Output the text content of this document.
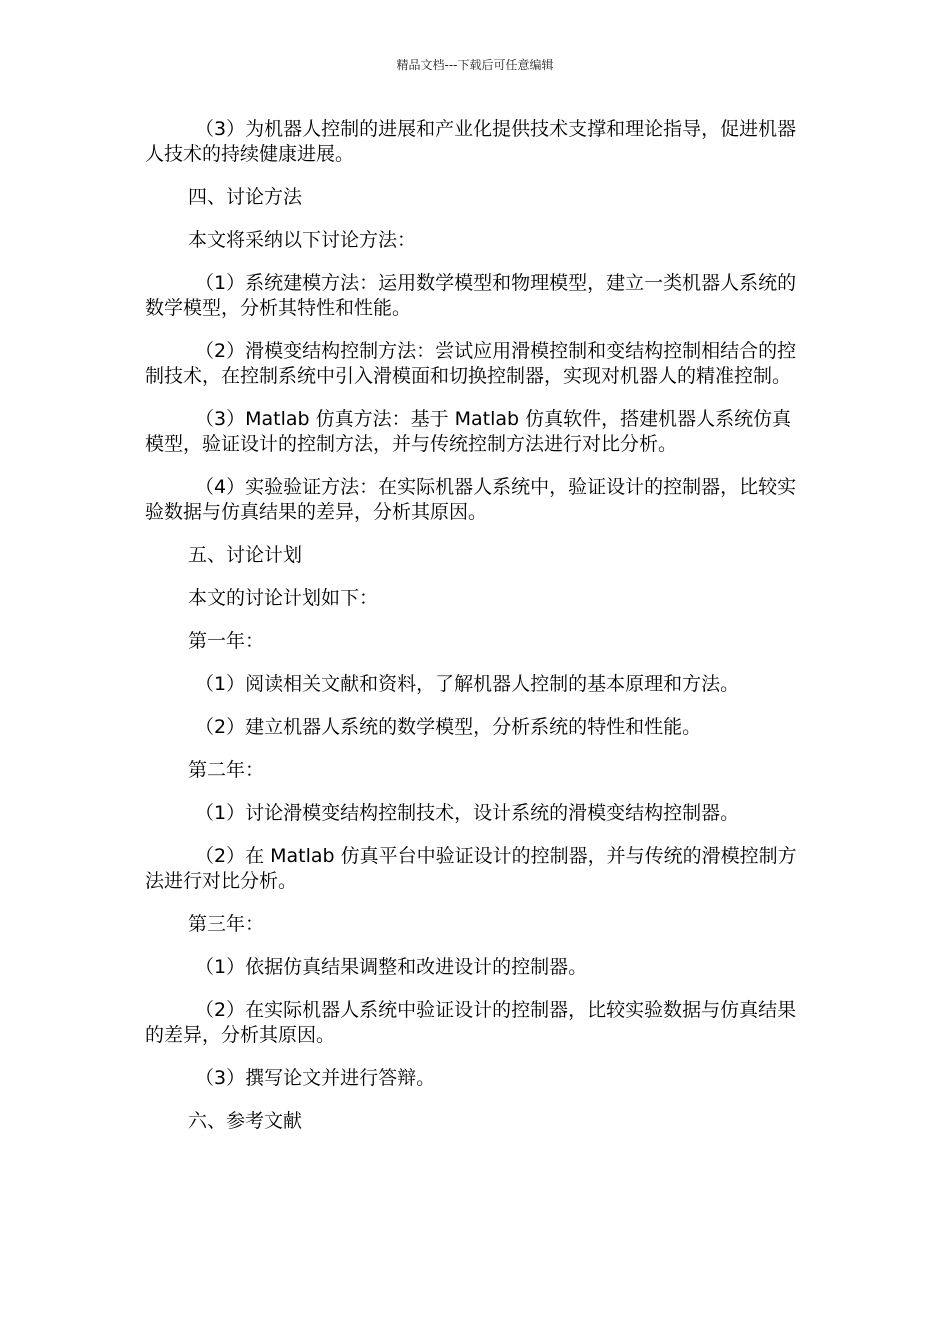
精品文档---下载后可任意编辑

（3）为机器人控制的进展和产业化提供技术支撑和理论指导，促进机器人技术的持续健康进展。

四、讨论方法

本文将采纳以下讨论方法：

（1）系统建模方法：运用数学模型和物理模型，建立一类机器人系统的数学模型，分析其特性和性能。

（2）滑模变结构控制方法：尝试应用滑模控制和变结构控制相结合的控制技术，在控制系统中引入滑模面和切换控制器，实现对机器人的精准控制。

（3）Matlab 仿真方法：基于 Matlab 仿真软件，搭建机器人系统仿真模型，验证设计的控制方法，并与传统控制方法进行对比分析。

（4）实验验证方法：在实际机器人系统中，验证设计的控制器，比较实验数据与仿真结果的差异，分析其原因。

五、讨论计划

本文的讨论计划如下：

第一年：

（1）阅读相关文献和资料，了解机器人控制的基本原理和方法。

（2）建立机器人系统的数学模型，分析系统的特性和性能。

第二年：

（1）讨论滑模变结构控制技术，设计系统的滑模变结构控制器。

（2）在 Matlab 仿真平台中验证设计的控制器，并与传统的滑模控制方法进行对比分析。

第三年：

（1）依据仿真结果调整和改进设计的控制器。

（2）在实际机器人系统中验证设计的控制器，比较实验数据与仿真结果的差异，分析其原因。

（3）撰写论文并进行答辩。

六、参考文献
